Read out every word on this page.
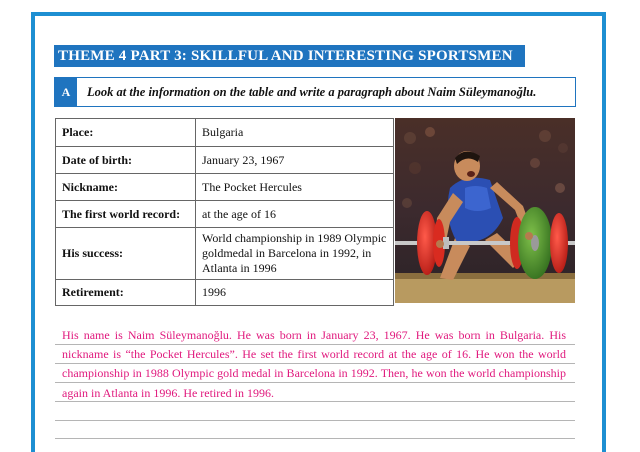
THEME 4 PART 3: SKILLFUL AND INTERESTING SPORTSMEN
A	Look at the information on the table and write a paragraph about Naim Süleymanoğlu.
Place:	Bulgaria
Date of birth:	January 23, 1967
Nickname:	The Pocket Hercules
The first world record:	at the age of 16
His success:	World championship in 1989 Olympic goldmedal in Barcelona in 1992, in Atlanta in 1996
Retirement:	1996
His name is Naim Süleymanoğlu. He was born in January 23, 1967. He was born in Bulgaria. His nickname is “the Pocket Hercules”. He set the first world record at the age of 16. He won the world championship in 1988 Olympic gold medal in Barcelona in 1992. Then, he won the world championship again in Atlanta in 1996. He retired in 1996.
